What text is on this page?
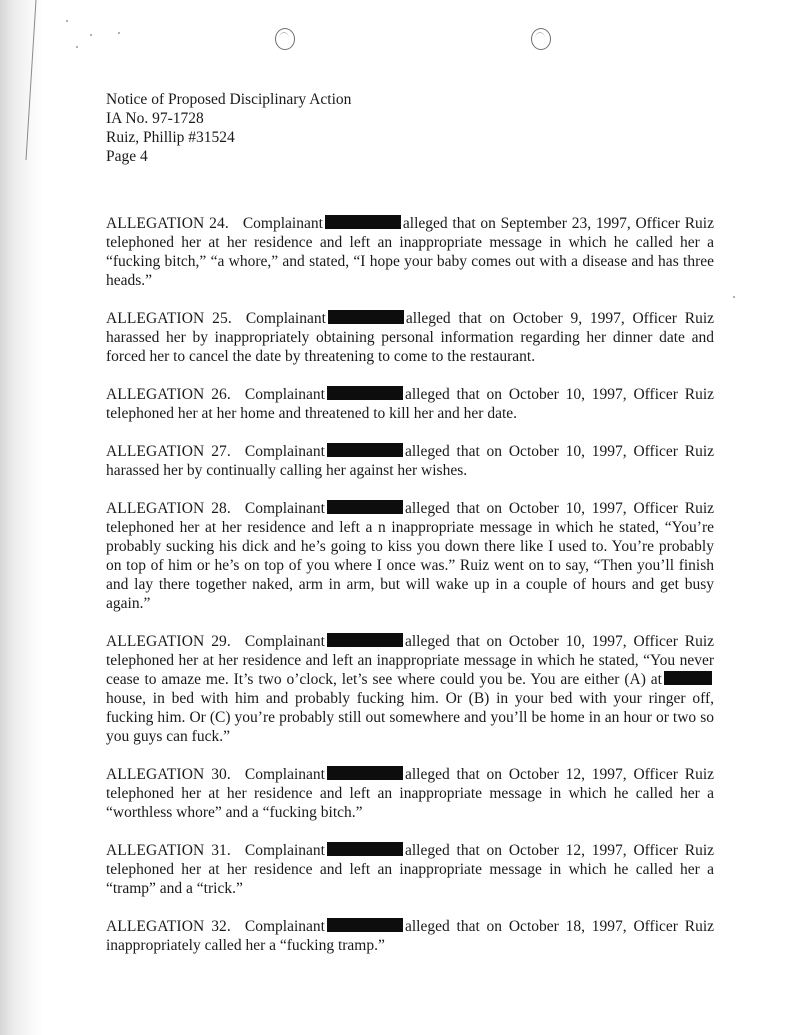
Notice of Proposed Disciplinary Action
IA No. 97-1728
Ruiz, Phillip #31524
Page 4

ALLEGATION 24. Complainant	alleged that on September 23, 1997, Officer Ruiz telephoned her at her residence and left an inappropriate message in which he called her a “fucking bitch,” “a whore,” and stated, “I hope your baby comes out with a disease and has three heads.”

ALLEGATION 25. Complainant	alleged that on October 9, 1997, Officer Ruiz harassed her by inappropriately obtaining personal information regarding her dinner date and forced her to cancel the date by threatening to come to the restaurant.

ALLEGATION 26. Complainant	alleged that on October 10, 1997, Officer Ruiz telephoned her at her home and threatened to kill her and her date.

ALLEGATION 27. Complainant	alleged that on October 10, 1997, Officer Ruiz harassed her by continually calling her against her wishes.

ALLEGATION 28. Complainant	alleged that on October 10, 1997, Officer Ruiz telephoned her at her residence and left a n inappropriate message in which he stated, “You’re probably sucking his dick and he’s going to kiss you down there like I used to. You’re probably on top of him or he’s on top of you where I once was.” Ruiz went on to say, “Then you’ll finish and lay there together naked, arm in arm, but will wake up in a couple of hours and get busy again.”

ALLEGATION 29. Complainant	alleged that on October 10, 1997, Officer Ruiz telephoned her at her residence and left an inappropriate message in which he stated, “You never cease to amaze me. It’s two o’clock, let’s see where could you be. You are either (A) athouse, in bed with him and probably fucking him. Or (B) in your bed with your ringer off, fucking him. Or (C) you’re probably still out somewhere and you’ll be home in an hour or two so you guys can fuck.”

ALLEGATION 30. Complainant	alleged that on October 12, 1997, Officer Ruiz telephoned her at her residence and left an inappropriate message in which he called her a “worthless whore” and a “fucking bitch.”

ALLEGATION 31. Complainant	alleged that on October 12, 1997, Officer Ruiz telephoned her at her residence and left an inappropriate message in which he called her a “tramp” and a “trick.”

ALLEGATION 32. Complainant	alleged that on October 18, 1997, Officer Ruiz inappropriately called her a “fucking tramp.”
